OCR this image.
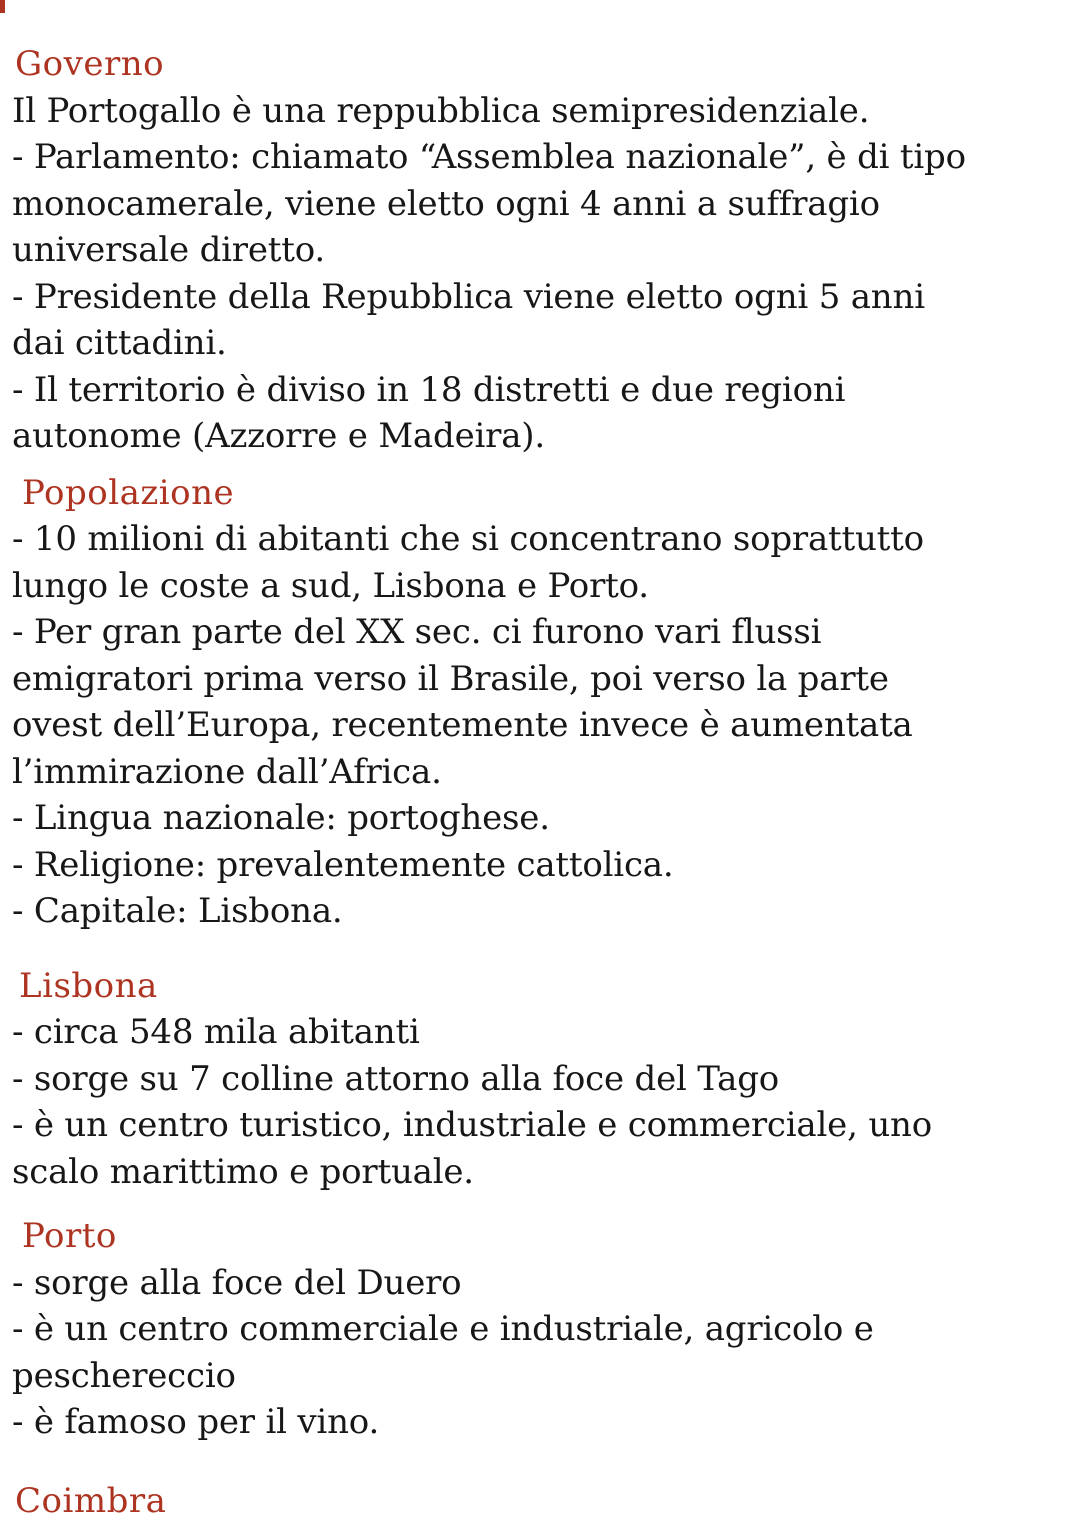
Governo

Il Portogallo è una reppubblica semipresidenziale.

- Parlamento: chiamato “Assemblea nazionale”, è di tipo

monocamerale, viene eletto ogni 4 anni a suffragio

universale diretto.

- Presidente della Repubblica viene eletto ogni 5 anni

dai cittadini.

- Il territorio è diviso in 18 distretti e due regioni

autonome (Azzorre e Madeira).

Popolazione

- 10 milioni di abitanti che si concentrano soprattutto

lungo le coste a sud, Lisbona e Porto.

- Per gran parte del XX sec. ci furono vari flussi

emigratori prima verso il Brasile, poi verso la parte

ovest dell’Europa, recentemente invece è aumentata

l’immirazione dall’Africa.

- Lingua nazionale: portoghese.

- Religione: prevalentemente cattolica.

- Capitale: Lisbona.

Lisbona

- circa 548 mila abitanti

- sorge su 7 colline attorno alla foce del Tago

- è un centro turistico, industriale e commerciale, uno

scalo marittimo e portuale.

Porto

- sorge alla foce del Duero

- è un centro commerciale e industriale, agricolo e

peschereccio

- è famoso per il vino.

Coimbra
